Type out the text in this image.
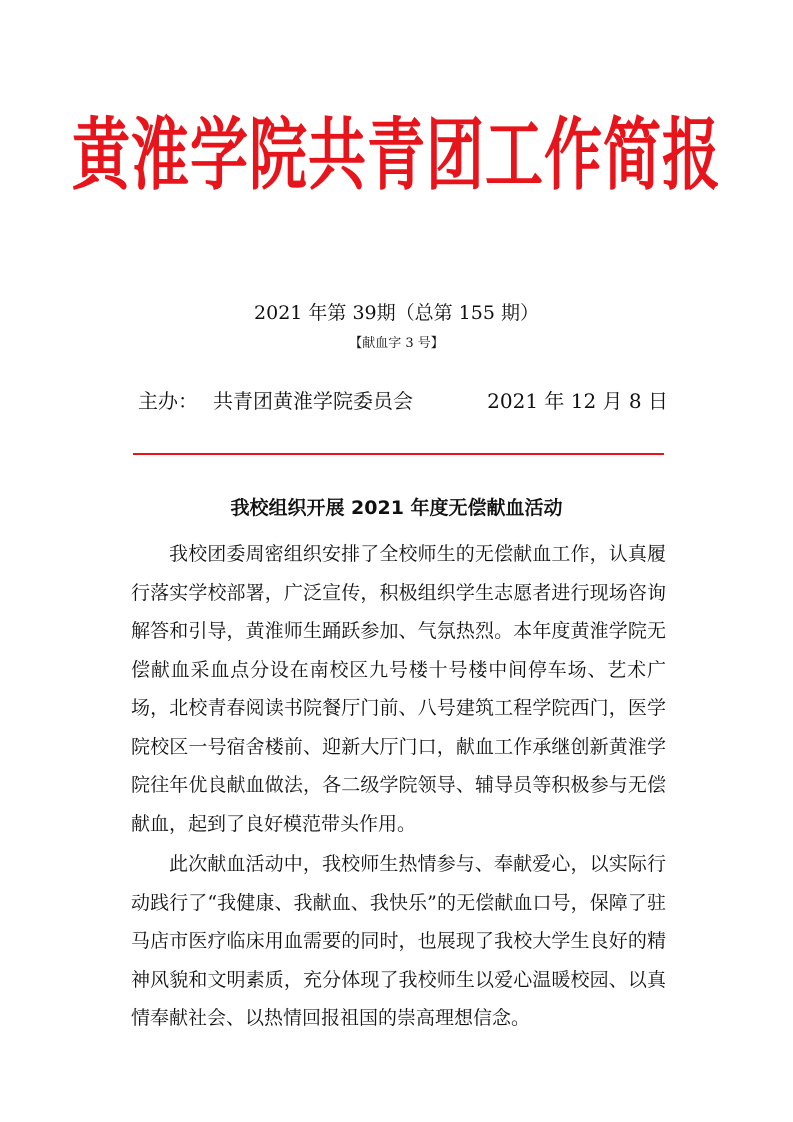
黄淮学院共青团工作简报
2021 年第 39期（总第 155 期）
【献血字 3 号】
主办： 共青团黄淮学院委员会	2021 年 12 月 8 日
我校组织开展 2021 年度无偿献血活动

我校团委周密组织安排了全校师生的无偿献血工作，认真履行落实学校部署，广泛宣传，积极组织学生志愿者进行现场咨询解答和引导，黄淮师生踊跃参加、气氛热烈。本年度黄淮学院无偿献血采血点分设在南校区九号楼十号楼中间停车场、艺术广场，北校青春阅读书院餐厅门前、八号建筑工程学院西门，医学院校区一号宿舍楼前、迎新大厅门口，献血工作承继创新黄淮学院往年优良献血做法，各二级学院领导、辅导员等积极参与无偿献血，起到了良好模范带头作用。

此次献血活动中，我校师生热情参与、奉献爱心，以实际行动践行了“我健康、我献血、我快乐”的无偿献血口号，保障了驻马店市医疗临床用血需要的同时，也展现了我校大学生良好的精神风貌和文明素质，充分体现了我校师生以爱心温暖校园、以真情奉献社会、以热情回报祖国的崇高理想信念。
